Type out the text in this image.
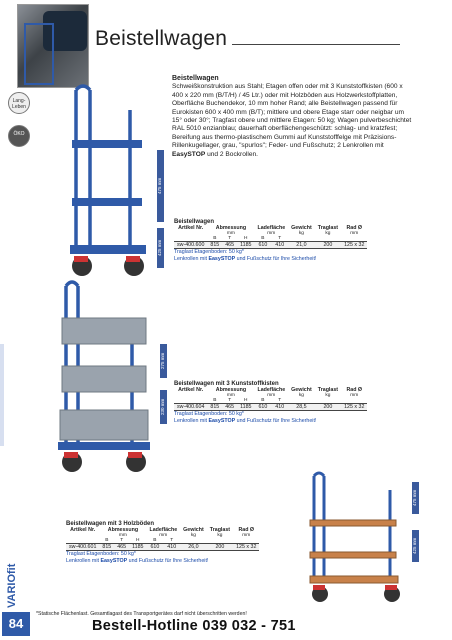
Beistellwagen
Lang-Leben
ÖKO
Beistellwagen
Schweißkonstruktion aus Stahl; Etagen offen oder mit 3 Kunststoffkisten (600 x 400 x 220 mm (B/T/H) / 45 Ltr.) oder mit Holzböden aus Holzwerkstoffplatten, Oberfläche Buchendekor, 10 mm hoher Rand; alle Beistellwagen passend für Eurokisten 600 x 400 mm (B/T); mittlere und obere Etage starr oder neigbar um 15° oder 30°; Tragfast obere und mittlere Etagen: 50 kg; Wagen pulverbeschichtet RAL 5010 enzianblau; dauerhaft oberflächengeschützt: schlag- und kratzfest; Bereifung aus thermo-plastischem Gummi auf Kunststofffelge mit Präzisions-Rillenkugellager, grau, "spurlos"; Feder- und Fußschutz; 2 Lenkrollen mit EasySTOP und 2 Bockrollen.
475 mm
425 mm
Beistellwagen
Artikel Nr.	Abmessung			Ladefläche		Gewicht	Traglast	Rad Ø
	mm			mm		kg	kg	mm
	B	T	H	B	T			
sw-400.600	815	465	1185	610	410	21,0	200	125 x 32
Traglast Etagenboden: 50 kg*
Lenkrollen mit EasySTOP und Fußschutz für Ihre Sicherheit!
275 mm
230 mm
Beistellwagen mit 3 Kunststoffkisten
Artikel Nr.	Abmessung			Ladefläche		Gewicht	Traglast	Rad Ø
	mm			mm		kg	kg	mm
	B	T	H	B	T			
sw-400.604	815	465	1185	610	410	28,5	200	125 x 32
Traglast Etagenboden: 50 kg*
Lenkrollen mit EasySTOP und Fußschutz für Ihre Sicherheit!
Beistellwagen mit 3 Holzböden
Artikel Nr.	Abmessung			Ladefläche		Gewicht	Traglast	Rad Ø
	mm			mm		kg	kg	mm
	B	T	H	B	T			
sw-400.601	815	465	1185	610	410	26,0	200	125 x 32
Traglast Etagenboden: 50 kg*
Lenkrollen mit EasySTOP und Fußschutz für Ihre Sicherheit!
475 mm
425 mm
VARIOfit
84
*Statische Flächenlast. Gesamtlagast des Transportgerätes darf nicht überschritten werden!
Bestell-Hotline 039 032 - 751
